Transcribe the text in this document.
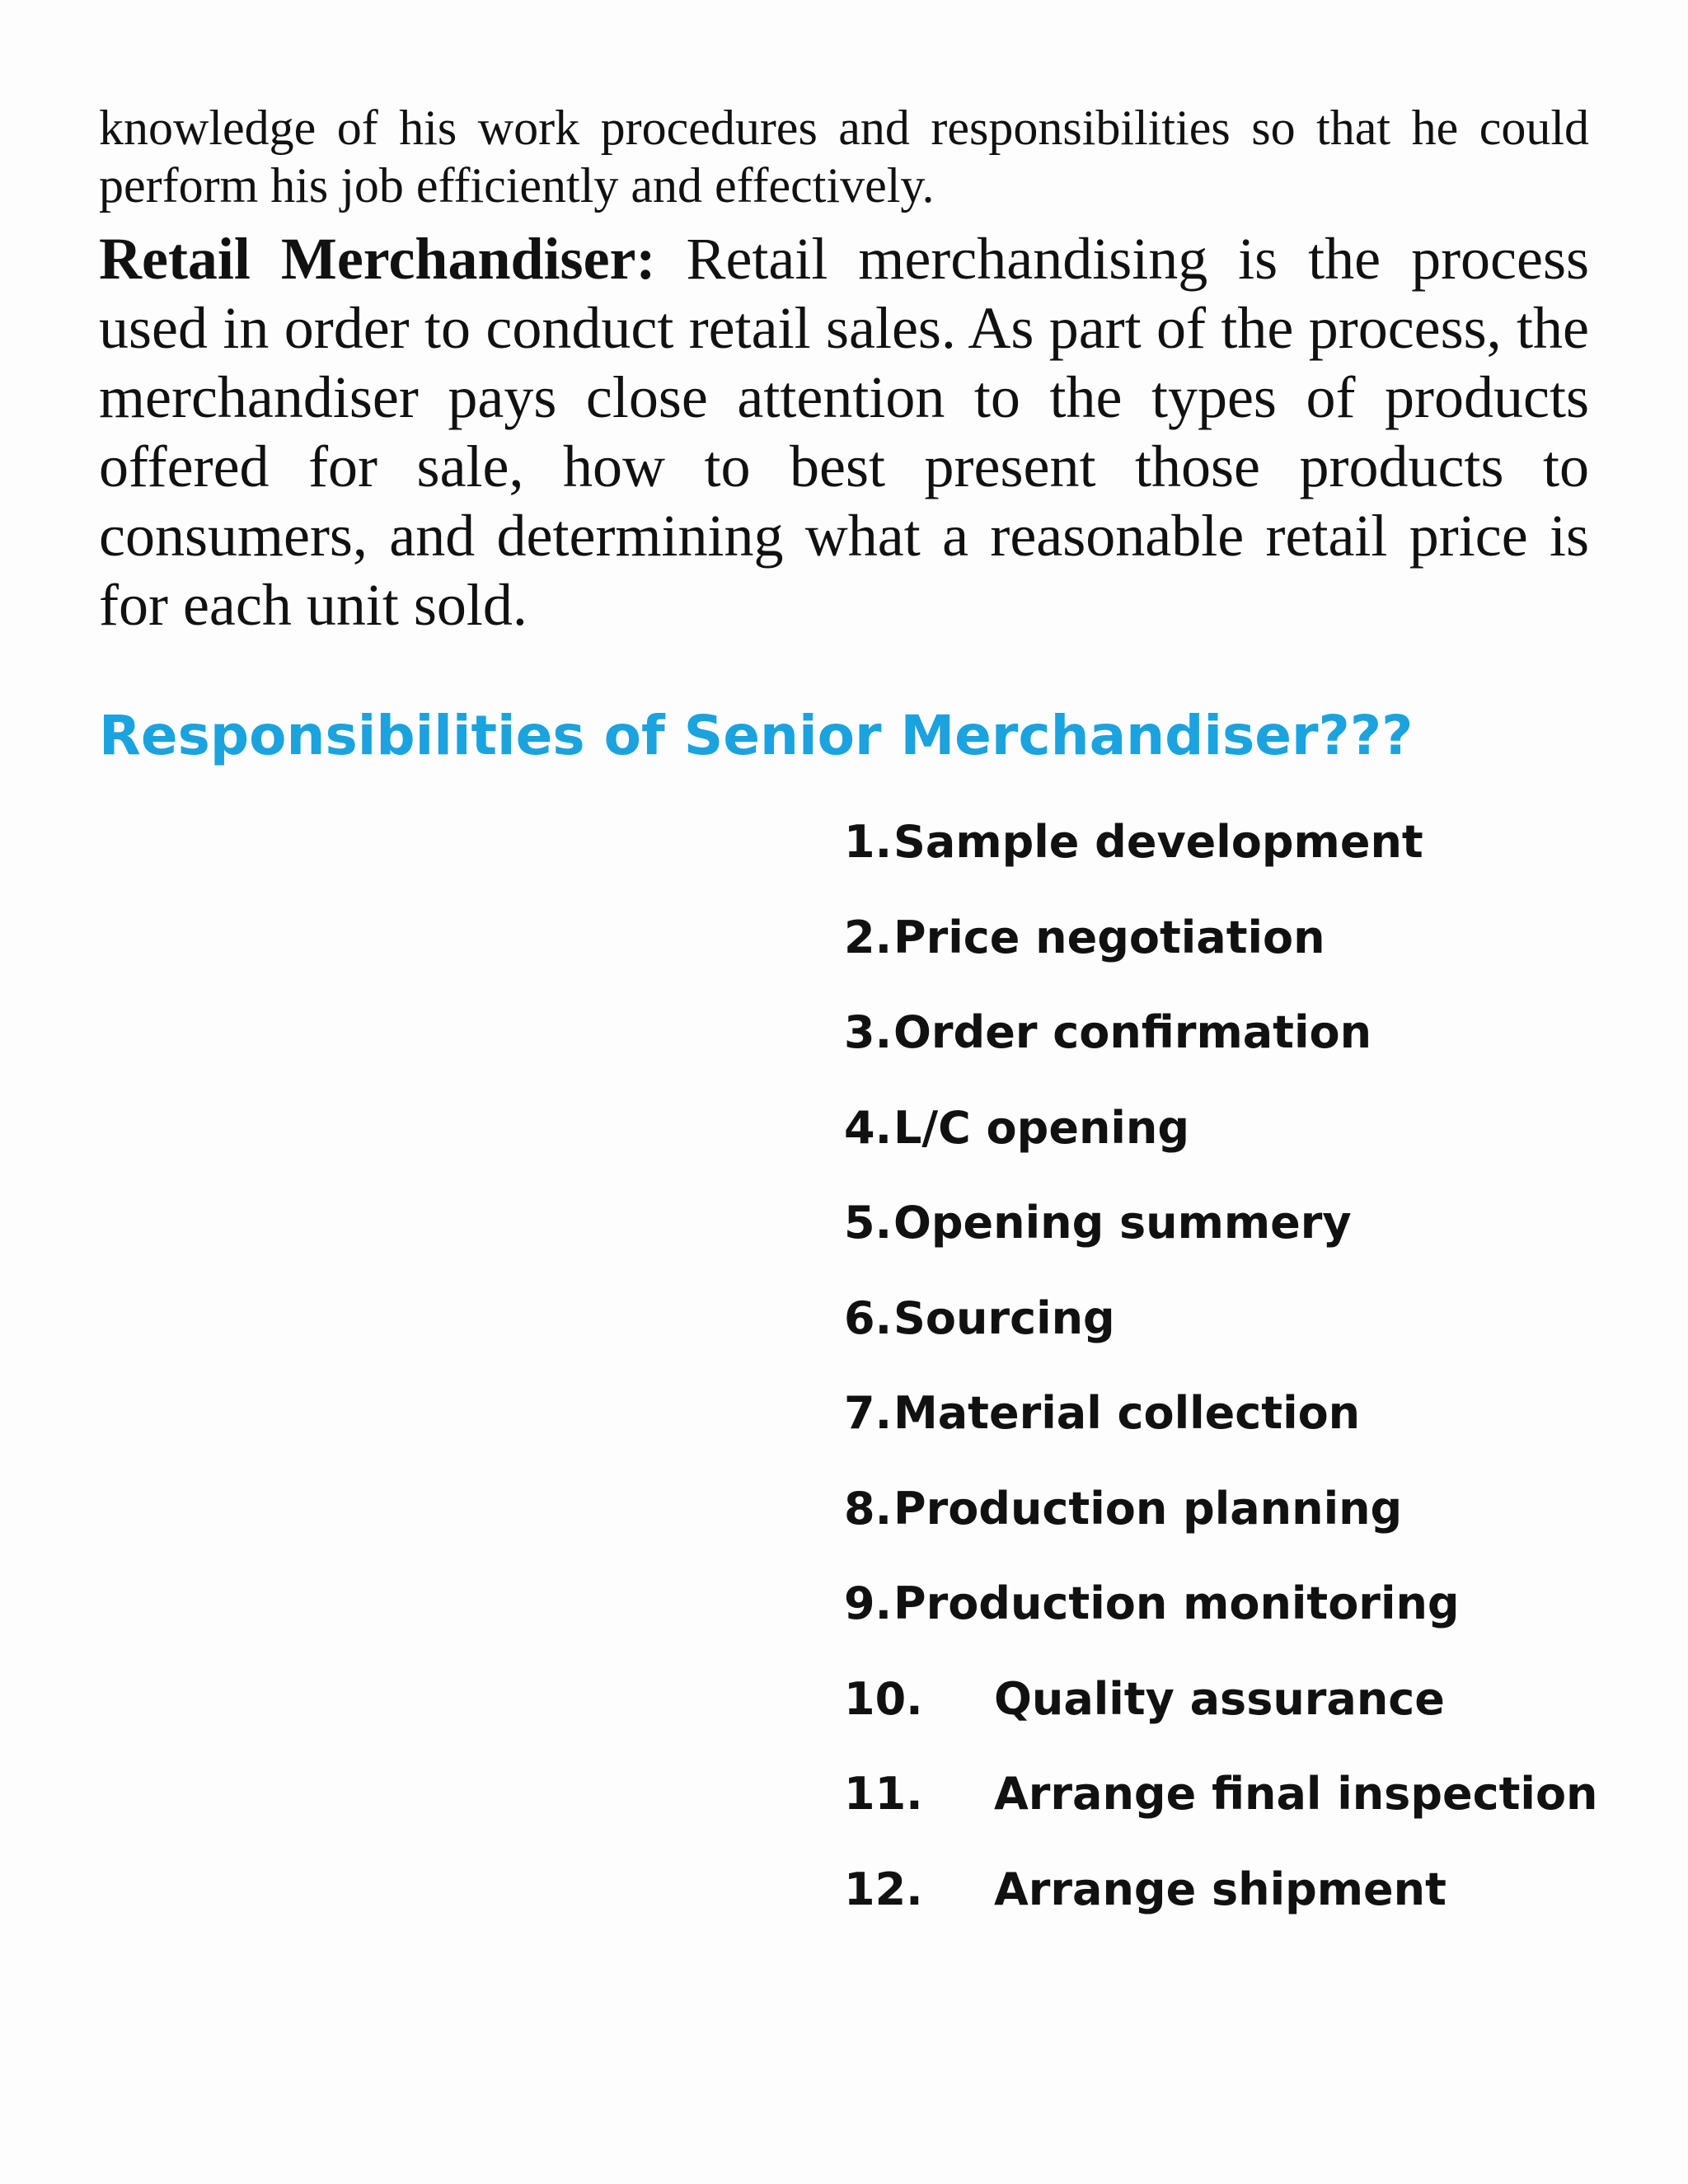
knowledge of his work procedures and responsibilities so that he could perform his job efficiently and effectively.

Retail Merchandiser: Retail merchandising is the process used in order to conduct retail sales. As part of the process, the merchandiser pays close attention to the types of products offered for sale, how to best present those products to consumers, and determining what a reasonable retail price is for each unit sold.

Responsibilities of Senior Merchandiser???
1.Sample development
2.Price negotiation
3.Order confirmation
4.L/C opening
5.Opening summery
6.Sourcing
7.Material collection
8.Production planning
9.Production monitoring
10. Quality assurance
11. Arrange final inspection
12. Arrange shipment
